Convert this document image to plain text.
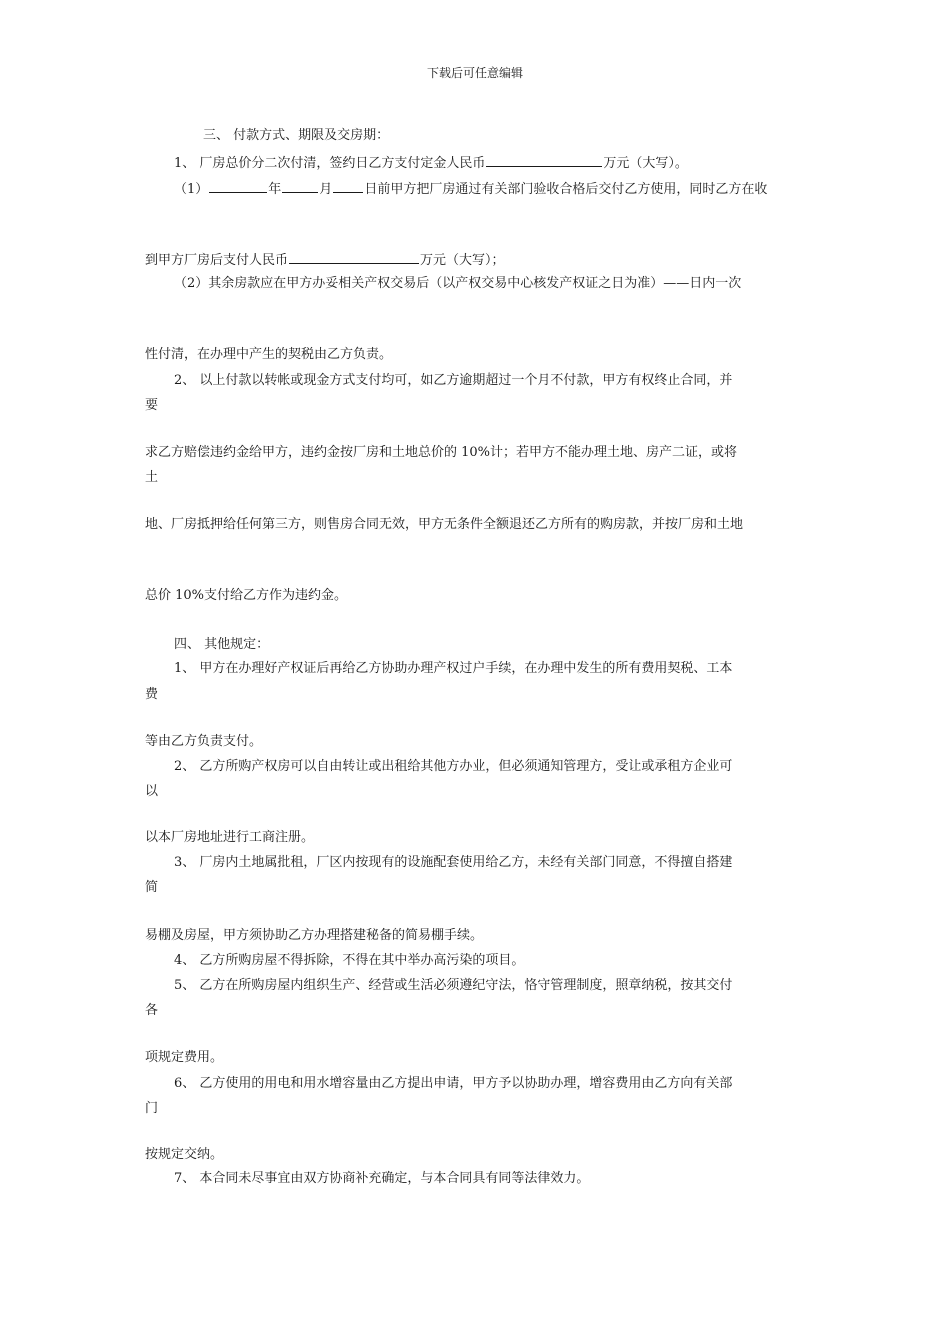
下载后可任意编辑
三、 付款方式、期限及交房期：
1、 厂房总价分二次付清，签约日乙方支付定金人民币	万元（大写）。
（1）	年	月 日前甲方把厂房通过有关部门验收合格后交付乙方使用，同时乙方在收
到甲方厂房后支付人民币	万元（大写）；
（2）其余房款应在甲方办妥相关产权交易后（以产权交易中心核发产权证之日为准）——日内一次
性付清，在办理中产生的契税由乙方负责。
2、 以上付款以转帐或现金方式支付均可，如乙方逾期超过一个月不付款，甲方有权终止合同，并
要
求乙方赔偿违约金给甲方，违约金按厂房和土地总价的 10%计；若甲方不能办理土地、房产二证，或将
土
地、厂房抵押给任何第三方，则售房合同无效，甲方无条件全额退还乙方所有的购房款，并按厂房和土地
总价 10%支付给乙方作为违约金。
四、 其他规定：
1、 甲方在办理好产权证后再给乙方协助办理产权过户手续，在办理中发生的所有费用契税、工本
费
等由乙方负责支付。
2、 乙方所购产权房可以自由转让或出租给其他方办业，但必须通知管理方，受让或承租方企业可
以
以本厂房地址进行工商注册。
3、 厂房内土地属批租，厂区内按现有的设施配套使用给乙方，未经有关部门同意，不得擅自搭建
简
易棚及房屋，甲方须协助乙方办理搭建秘备的简易棚手续。
4、 乙方所购房屋不得拆除，不得在其中举办高污染的项目。
5、 乙方在所购房屋内组织生产、经营或生活必须遵纪守法，恪守管理制度，照章纳税，按其交付
各
项规定费用。
6、 乙方使用的用电和用水增容量由乙方提出申请，甲方予以协助办理，增容费用由乙方向有关部
门
按规定交纳。
7、 本合同未尽事宜由双方协商补充确定，与本合同具有同等法律效力。
